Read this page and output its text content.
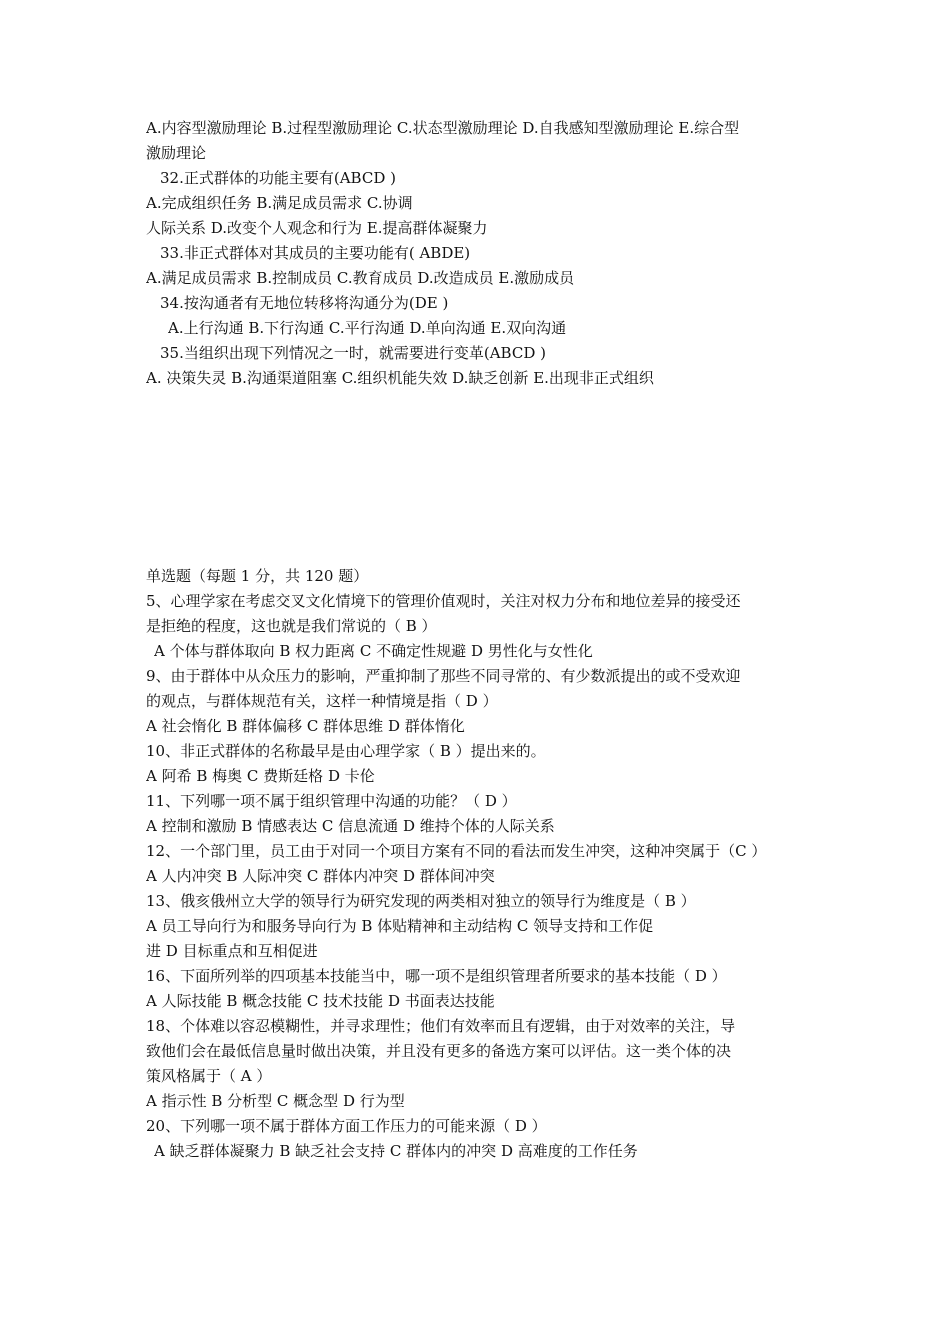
A.内容型激励理论 B.过程型激励理论 C.状态型激励理论 D.自我感知型激励理论 E.综合型
激励理论
32.正式群体的功能主要有(ABCD )
A.完成组织任务 B.满足成员需求 C.协调
人际关系 D.改变个人观念和行为 E.提高群体凝聚力
33.非正式群体对其成员的主要功能有( ABDE)
A.满足成员需求 B.控制成员 C.教育成员 D.改造成员 E.激励成员
34.按沟通者有无地位转移将沟通分为(DE )
A.上行沟通 B.下行沟通 C.平行沟通 D.单向沟通 E.双向沟通
35.当组织出现下列情况之一时，就需要进行变革(ABCD )
A. 决策失灵 B.沟通渠道阻塞 C.组织机能失效 D.缺乏创新 E.出现非正式组织
单选题（每题 1 分，共 120 题）
5、心理学家在考虑交叉文化情境下的管理价值观时，关注对权力分布和地位差异的接受还
是拒绝的程度，这也就是我们常说的（ B ）
A 个体与群体取向 B 权力距离 C 不确定性规避 D 男性化与女性化
9、由于群体中从众压力的影响，严重抑制了那些不同寻常的、有少数派提出的或不受欢迎
的观点，与群体规范有关，这样一种情境是指（ D ）
A 社会惰化 B 群体偏移 C 群体思维 D 群体惰化
10、非正式群体的名称最早是由心理学家（ B ）提出来的。
A 阿希 B 梅奥 C 费斯廷格 D 卡伦
11、下列哪一项不属于组织管理中沟通的功能？（ D ）
A 控制和激励 B 情感表达 C 信息流通 D 维持个体的人际关系
12、一个部门里，员工由于对同一个项目方案有不同的看法而发生冲突，这种冲突属于（C ）
A 人内冲突 B 人际冲突 C 群体内冲突 D 群体间冲突
13、俄亥俄州立大学的领导行为研究发现的两类相对独立的领导行为维度是（ B ）
A 员工导向行为和服务导向行为 B 体贴精神和主动结构 C 领导支持和工作促
进 D 目标重点和互相促进
16、下面所列举的四项基本技能当中，哪一项不是组织管理者所要求的基本技能（ D ）
A 人际技能 B 概念技能 C 技术技能 D 书面表达技能
18、个体难以容忍模糊性，并寻求理性；他们有效率而且有逻辑，由于对效率的关注，导
致他们会在最低信息量时做出决策，并且没有更多的备选方案可以评估。这一类个体的决
策风格属于（ A ）
A 指示性 B 分析型 C 概念型 D 行为型
20、下列哪一项不属于群体方面工作压力的可能来源（ D ）
A 缺乏群体凝聚力 B 缺乏社会支持 C 群体内的冲突 D 高难度的工作任务
